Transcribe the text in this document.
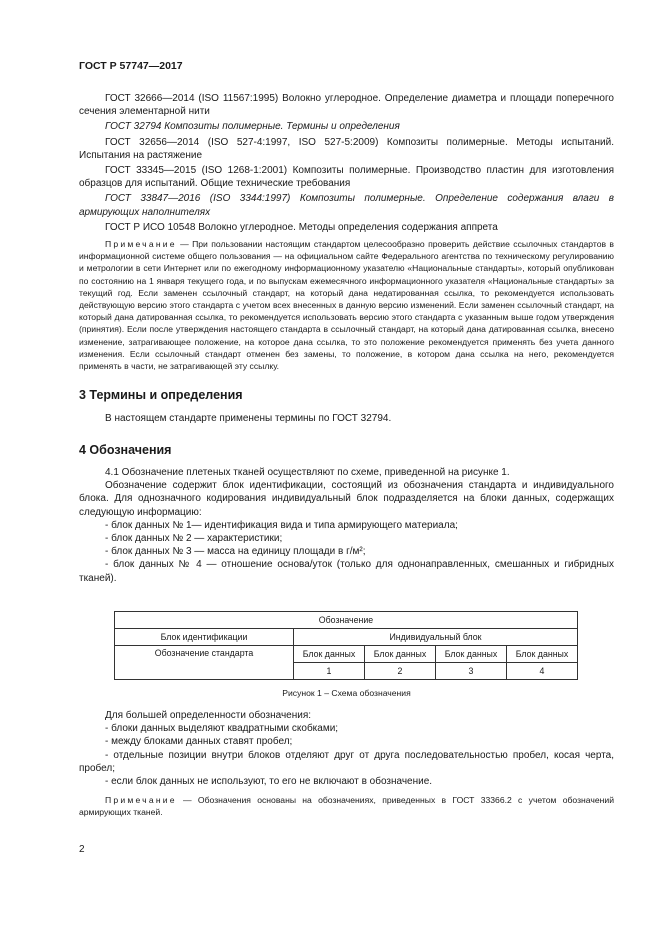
ГОСТ Р 57747—2017

ГОСТ 32666—2014 (ISO 11567:1995) Волокно углеродное. Определение диаметра и площади поперечного сечения элементарной нити

ГОСТ 32794 Композиты полимерные. Термины и определения

ГОСТ 32656—2014 (ISO 527-4:1997, ISO 527-5:2009) Композиты полимерные. Методы испытаний. Испытания на растяжение

ГОСТ 33345—2015 (ISO 1268-1:2001) Композиты полимерные. Производство пластин для изготовления образцов для испытаний. Общие технические требования

ГОСТ 33847—2016 (ISO 3344:1997) Композиты полимерные. Определение содержания влаги в армирующих наполнителях

ГОСТ Р ИСО 10548 Волокно углеродное. Методы определения содержания аппрета

Примечание — При пользовании настоящим стандартом целесообразно проверить действие ссылочных стандартов в информационной системе общего пользования — на официальном сайте Федерального агентства по техническому регулированию и метрологии в сети Интернет или по ежегодному информационному указателю «Национальные стандарты», который опубликован по состоянию на 1 января текущего года, и по выпускам ежемесячного информационного указателя «Национальные стандарты» за текущий год. Если заменен ссылочный стандарт, на который дана недатированная ссылка, то рекомендуется использовать действующую версию этого стандарта с учетом всех внесенных в данную версию изменений. Если заменен ссылочный стандарт, на который дана датированная ссылка, то рекомендуется использовать версию этого стандарта с указанным выше годом утверждения (принятия). Если после утверждения настоящего стандарта в ссылочный стандарт, на который дана датированная ссылка, внесено изменение, затрагивающее положение, на которое дана ссылка, то это положение рекомендуется применять без учета данного изменения. Если ссылочный стандарт отменен без замены, то положение, в котором дана ссылка на него, рекомендуется применять в части, не затрагивающей эту ссылку.

3 Термины и определения

В настоящем стандарте применены термины по ГОСТ 32794.

4 Обозначения

4.1 Обозначение плетеных тканей осуществляют по схеме, приведенной на рисунке 1.

Обозначение содержит блок идентификации, состоящий из обозначения стандарта и индивидуального блока. Для однозначного кодирования индивидуальный блок подразделяется на блоки данных, содержащих следующую информацию:

- блок данных № 1— идентификация вида и типа армирующего материала;

- блок данных № 2 — характеристики;

- блок данных № 3 — масса на единицу площади в г/м²;

- блок данных № 4 — отношение основа/уток (только для однонаправленных, смешанных и гибридных тканей).

Обозначение				
Блок идентификации	Индивидуальный блок			
Обозначение стандарта	Блок данных	Блок данных	Блок данных	Блок данных
	1	2	3	4
Рисунок 1 – Схема обозначения

Для большей определенности обозначения:

- блоки данных выделяют квадратными скобками;

- между блоками данных ставят пробел;

- отдельные позиции внутри блоков отделяют друг от друга последовательностью пробел, косая черта, пробел;

- если блок данных не используют, то его не включают в обозначение.

Примечание — Обозначения основаны на обозначениях, приведенных в ГОСТ 33366.2 с учетом обозначений армирующих тканей.

2
